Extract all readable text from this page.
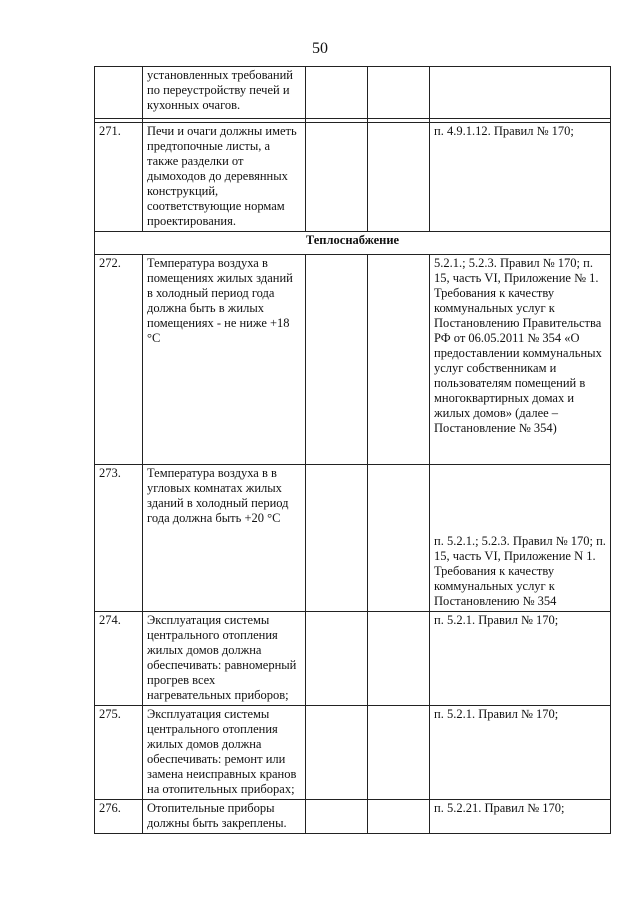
50
	установленных требований по переустройству печей и кухонных очагов.			

271.	Печи и очаги должны иметь предтопочные листы, а также разделки от дымоходов до деревянных конструкций, соответствующие нормам проектирования.			п. 4.9.1.12. Правил № 170;
Теплоснабжение				
272.	Температура воздуха в помещениях жилых зданий в холодный период года должна быть в жилых помещениях - не ниже +18 °С			5.2.1.; 5.2.3. Правил № 170; п. 15, часть VI, Приложение № 1. Требования к качеству коммунальных услуг к Постановлению Правительства РФ от 06.05.2011 № 354 «О предоставлении коммунальных услуг собственникам и пользователям помещений в многоквартирных домах и жилых домов» (далее – Постановление № 354)
273.	Температура воздуха в в угловых комнатах жилых зданий в холодный период года должна быть +20 °С			п. 5.2.1.; 5.2.3. Правил № 170; п. 15, часть VI, Приложение N 1. Требования к качеству коммунальных услуг к Постановлению № 354
274.	Эксплуатация системы центрального отопления жилых домов должна обеспечивать: равномерный прогрев всех нагревательных приборов;			п. 5.2.1. Правил № 170;
275.	Эксплуатация системы центрального отопления жилых домов должна обеспечивать: ремонт или замена неисправных кранов на отопительных приборах;			п. 5.2.1. Правил № 170;
276.	Отопительные приборы должны быть закреплены.			п. 5.2.21. Правил № 170;
